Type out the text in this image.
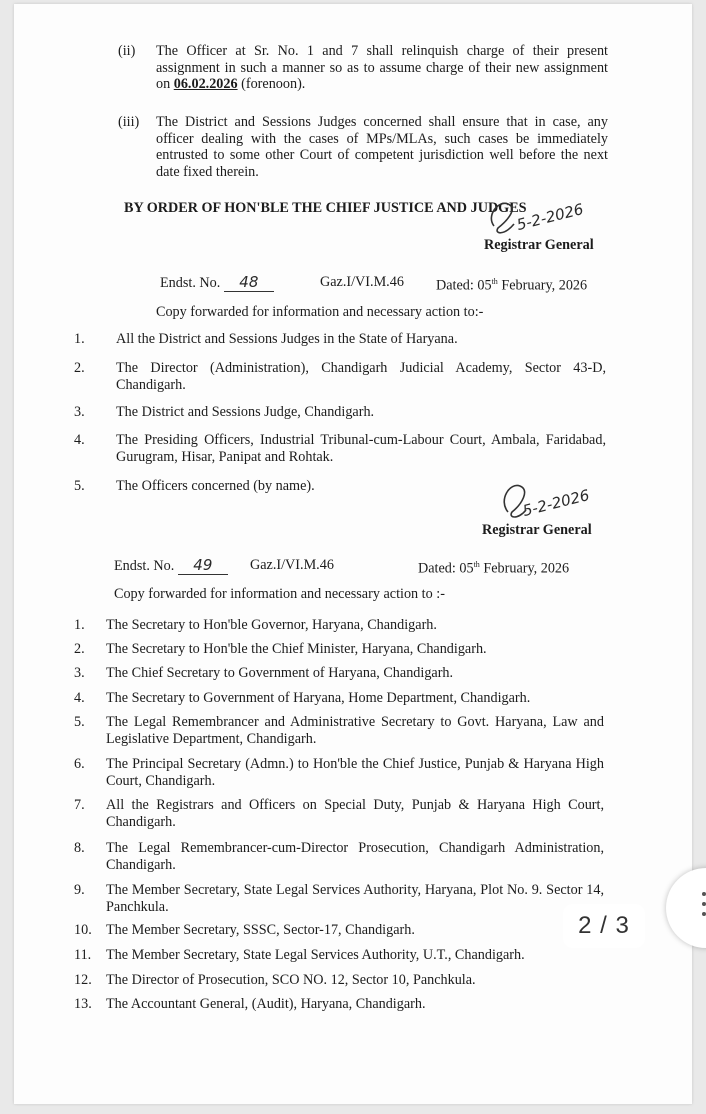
(ii) The Officer at Sr. No. 1 and 7 shall relinquish charge of their present assignment in such a manner so as to assume charge of their new assignment on 06.02.2026 (forenoon).
(iii) The District and Sessions Judges concerned shall ensure that in case, any officer dealing with the cases of MPs/MLAs, such cases be immediately entrusted to some other Court of competent jurisdiction well before the next date fixed therein.
BY ORDER OF HON'BLE THE CHIEF JUSTICE AND JUDGES
5-2-2026
Registrar General
Endst. No. 48	Gaz.I/VI.M.46 Dated: 05th February, 2026
Copy forwarded for information and necessary action to:-
1. All the District and Sessions Judges in the State of Haryana.
2. The Director (Administration), Chandigarh Judicial Academy, Sector 43-D, Chandigarh.
3. The District and Sessions Judge, Chandigarh.
4. The Presiding Officers, Industrial Tribunal-cum-Labour Court, Ambala, Faridabad, Gurugram, Hisar, Panipat and Rohtak.
5. The Officers concerned (by name).
5-2-2026
Registrar General
Endst. No. 49	Gaz.I/VI.M.46	Dated: 05th February, 2026
Copy forwarded for information and necessary action to :-
1. The Secretary to Hon'ble Governor, Haryana, Chandigarh.
2. The Secretary to Hon'ble the Chief Minister, Haryana, Chandigarh.
3. The Chief Secretary to Government of Haryana, Chandigarh.
4. The Secretary to Government of Haryana, Home Department, Chandigarh.
5. The Legal Remembrancer and Administrative Secretary to Govt. Haryana, Law and Legislative Department, Chandigarh.
6. The Principal Secretary (Admn.) to Hon'ble the Chief Justice, Punjab & Haryana High Court, Chandigarh.
7. All the Registrars and Officers on Special Duty, Punjab & Haryana High Court, Chandigarh.
8. The Legal Remembrancer-cum-Director Prosecution, Chandigarh Administration, Chandigarh.
9. The Member Secretary, State Legal Services Authority, Haryana, Plot No. 9. Sector 14, Panchkula.
10. The Member Secretary, SSSC, Sector-17, Chandigarh.
11. The Member Secretary, State Legal Services Authority, U.T., Chandigarh.
12. The Director of Prosecution, SCO NO. 12, Sector 10, Panchkula.
13. The Accountant General, (Audit), Haryana, Chandigarh.
2 / 3
